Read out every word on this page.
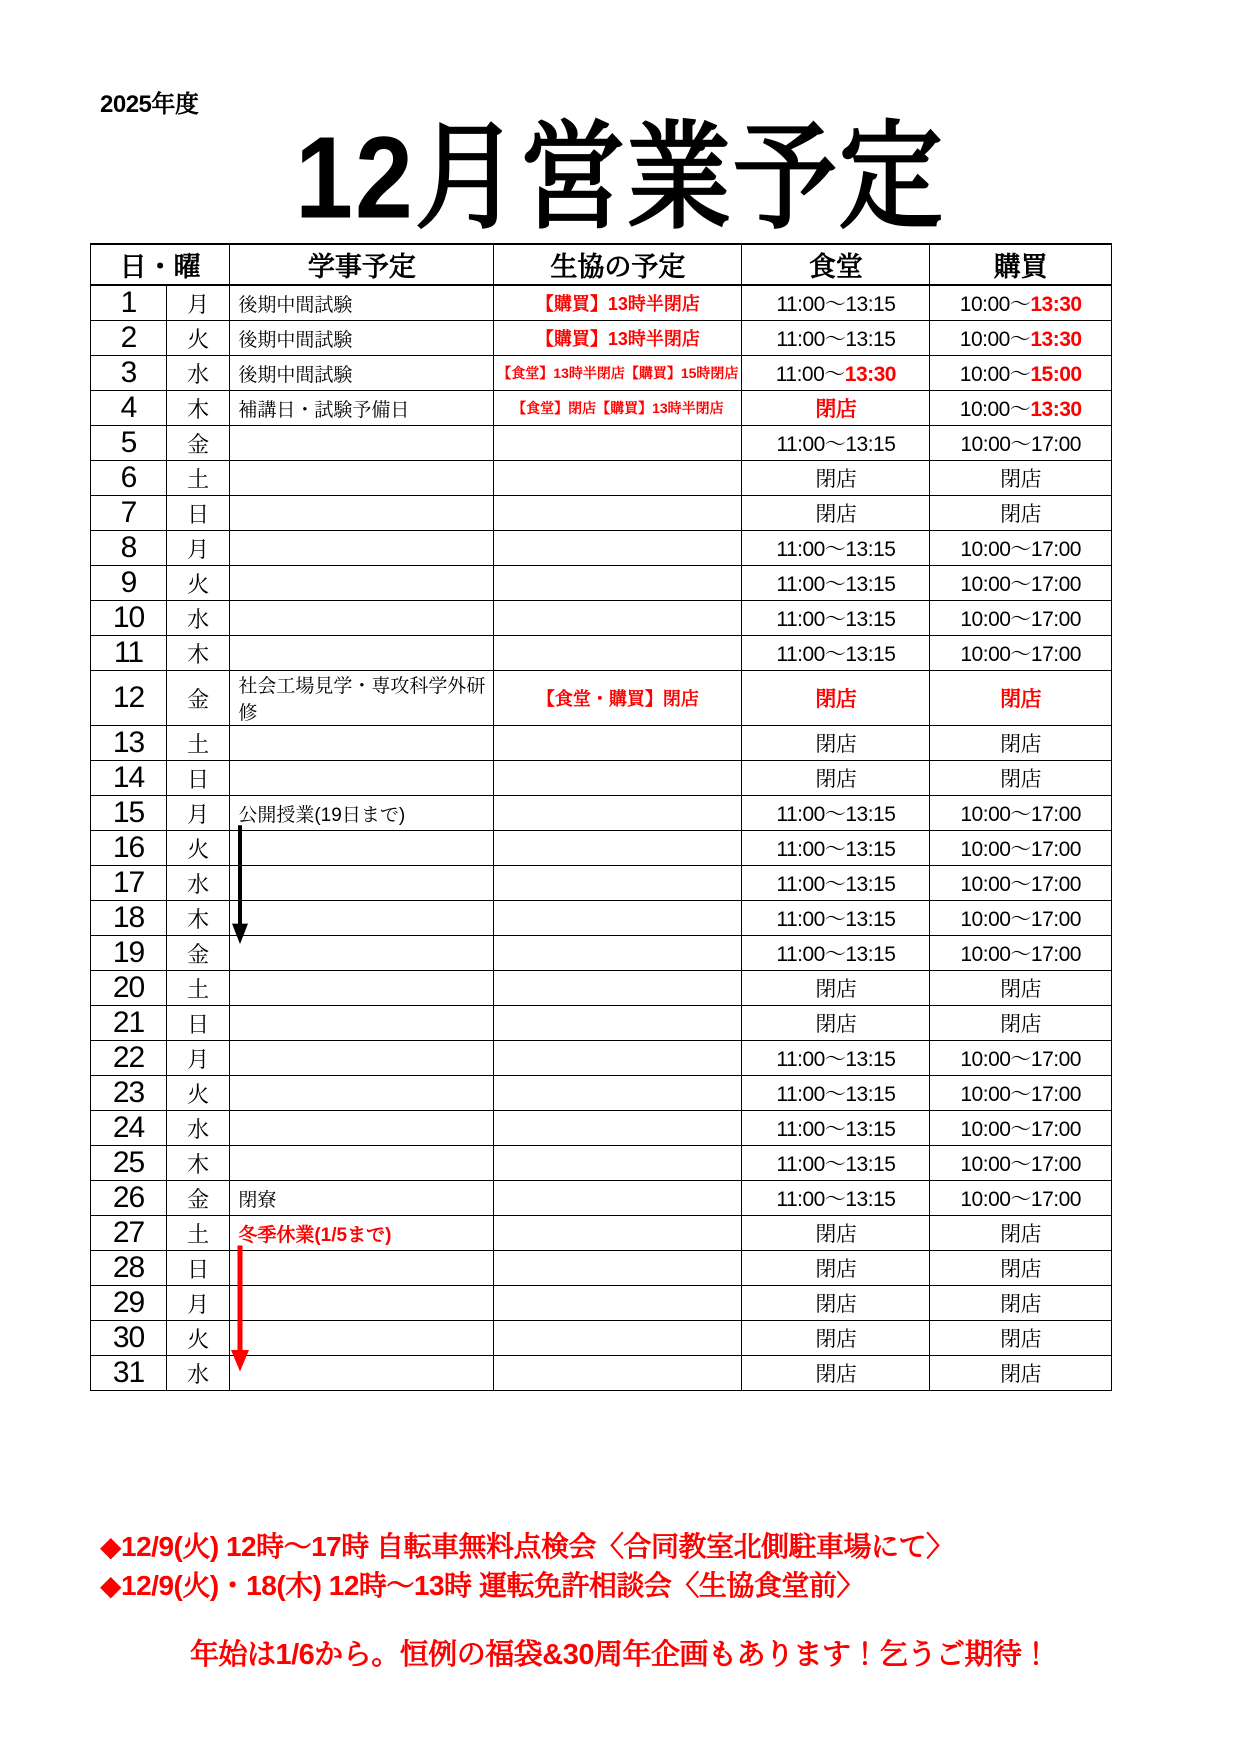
2025年度
12月営業予定
日・曜		学事予定	生協の予定	食堂	購買
1	月	後期中間試験	【購買】13時半閉店	11:00～13:15	10:00～13:30
2	火	後期中間試験	【購買】13時半閉店	11:00～13:15	10:00～13:30
3	水	後期中間試験	【食堂】13時半閉店【購買】15時閉店	11:00～13:30	10:00～15:00
4	木	補講日・試験予備日	【食堂】閉店【購買】13時半閉店	閉店	10:00～13:30
5	金			11:00～13:15	10:00～17:00
6	土			閉店	閉店
7	日			閉店	閉店
8	月			11:00～13:15	10:00～17:00
9	火			11:00～13:15	10:00～17:00
10	水			11:00～13:15	10:00～17:00
11	木			11:00～13:15	10:00～17:00
12	金	社会工場見学・専攻科学外研修	【食堂・購買】閉店	閉店	閉店
13	土			閉店	閉店
14	日			閉店	閉店
15	月	公開授業(19日まで)		11:00～13:15	10:00～17:00
16	火			11:00～13:15	10:00～17:00
17	水			11:00～13:15	10:00～17:00
18	木			11:00～13:15	10:00～17:00
19	金			11:00～13:15	10:00～17:00
20	土			閉店	閉店
21	日			閉店	閉店
22	月			11:00～13:15	10:00～17:00
23	火			11:00～13:15	10:00～17:00
24	水			11:00～13:15	10:00～17:00
25	木			11:00～13:15	10:00～17:00
26	金	閉寮		11:00～13:15	10:00～17:00
27	土	冬季休業(1/5まで)		閉店	閉店
28	日			閉店	閉店
29	月			閉店	閉店
30	火			閉店	閉店
31	水			閉店	閉店
◆12/9(火) 12時～17時 自転車無料点検会〈合同教室北側駐車場にて〉
◆12/9(火)・18(木) 12時～13時 運転免許相談会〈生協食堂前〉
年始は1/6から。恒例の福袋&30周年企画もあります！乞うご期待！
